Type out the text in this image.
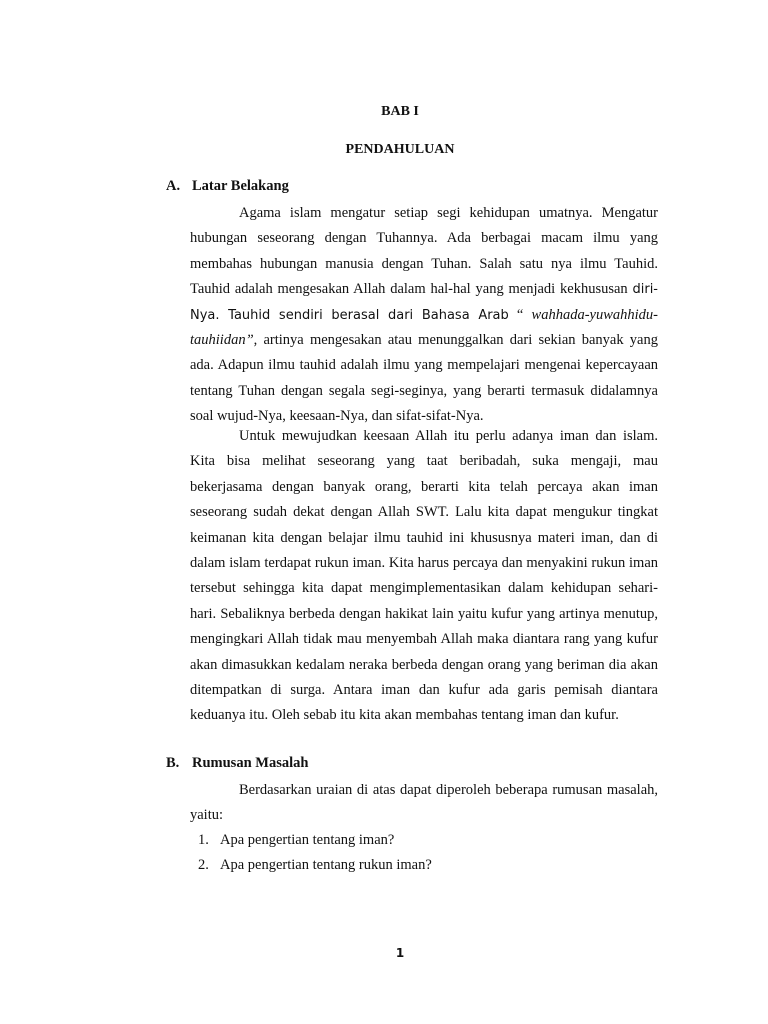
BAB I
PENDAHULUAN
A. Latar Belakang

Agama islam mengatur setiap segi kehidupan umatnya. Mengatur hubungan seseorang dengan Tuhannya. Ada berbagai macam ilmu yang membahas hubungan manusia dengan Tuhan. Salah satu nya ilmu Tauhid. Tauhid adalah mengesakan Allah dalam hal-hal yang menjadi kekhususan diri-Nya. Tauhid sendiri berasal dari Bahasa Arab “ wahhada-yuwahhidu-tauhiidan”, artinya mengesakan atau menunggalkan dari sekian banyak yang ada. Adapun ilmu tauhid adalah ilmu yang mempelajari mengenai kepercayaan tentang Tuhan dengan segala segi-seginya, yang berarti termasuk didalamnya soal wujud-Nya, keesaan-Nya, dan sifat-sifat-Nya.

Untuk mewujudkan keesaan Allah itu perlu adanya iman dan islam. Kita bisa melihat seseorang yang taat beribadah, suka mengaji, mau bekerjasama dengan banyak orang, berarti kita telah percaya akan iman seseorang sudah dekat dengan Allah SWT. Lalu kita dapat mengukur tingkat keimanan kita dengan belajar ilmu tauhid ini khususnya materi iman, dan di dalam islam terdapat rukun iman. Kita harus percaya dan menyakini rukun iman tersebut sehingga kita dapat mengimplementasikan dalam kehidupan sehari-hari. Sebaliknya berbeda dengan hakikat lain yaitu kufur yang artinya menutup, mengingkari Allah tidak mau menyembah Allah maka diantara rang yang kufur akan dimasukkan kedalam neraka berbeda dengan orang yang beriman dia akan ditempatkan di surga. Antara iman dan kufur ada garis pemisah diantara keduanya itu. Oleh sebab itu kita akan membahas tentang iman dan kufur.

B. Rumusan Masalah

Berdasarkan uraian di atas dapat diperoleh beberapa rumusan masalah, yaitu:

1. Apa pengertian tentang iman?
2. Apa pengertian tentang rukun iman?
1
